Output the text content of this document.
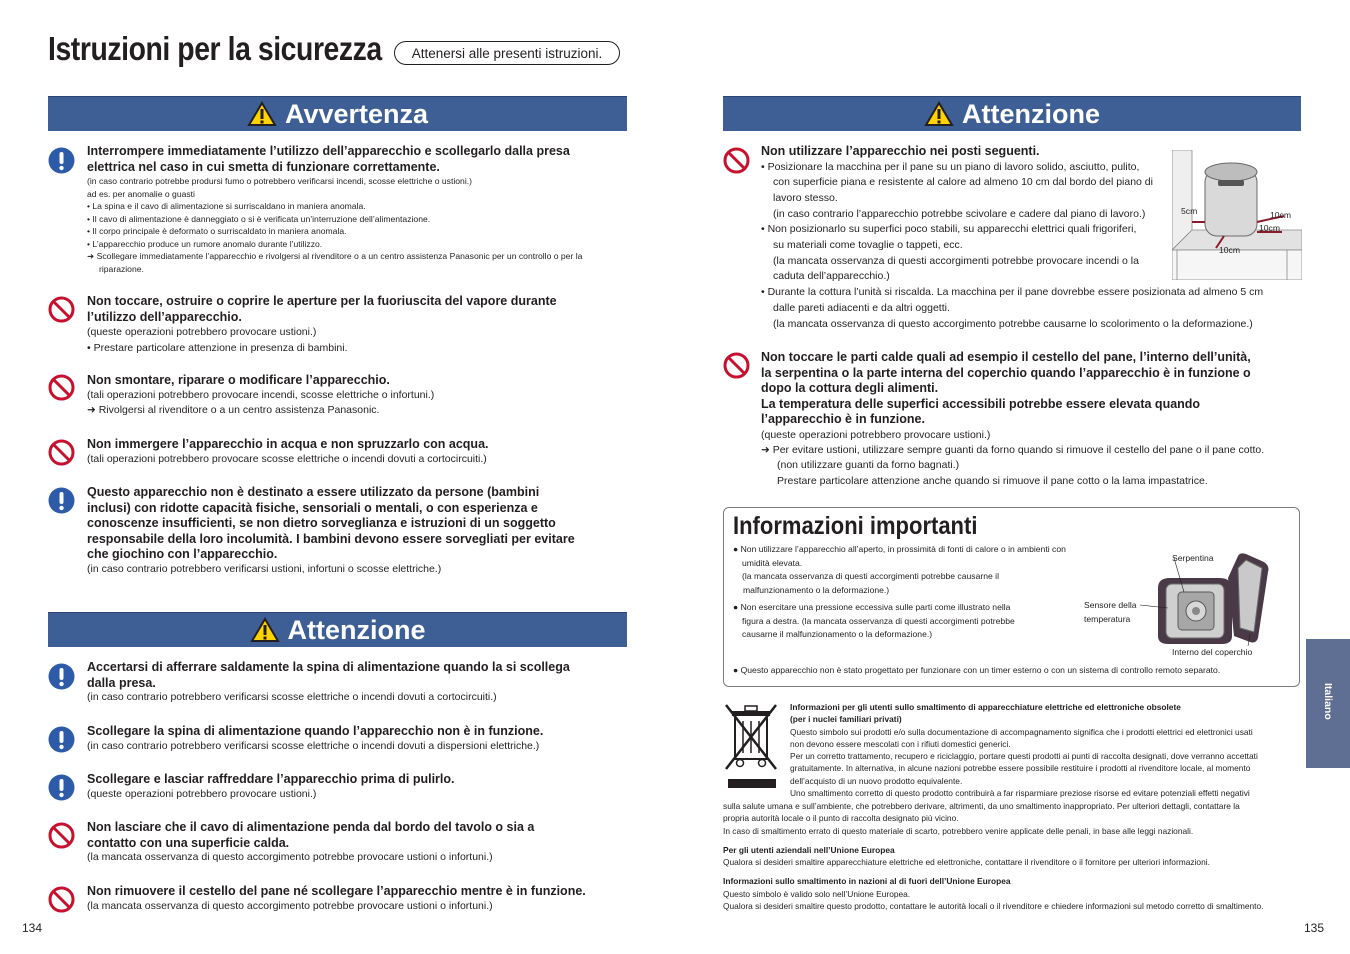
Istruzioni per la sicurezza	Attenersi alle presenti istruzioni.
Avvertenza
Interrompere immediatamente l’utilizzo dell’apparecchio e scollegarlo dalla presa
elettrica nel caso in cui smetta di funzionare correttamente.
(in caso contrario potrebbe prodursi fumo o potrebbero verificarsi incendi, scosse elettriche o ustioni.)
ad es. per anomalie o guasti
• La spina e il cavo di alimentazione si surriscaldano in maniera anomala.
• Il cavo di alimentazione è danneggiato o si è verificata un’interruzione dell’alimentazione.
• Il corpo principale è deformato o surriscaldato in maniera anomala.
• L’apparecchio produce un rumore anomalo durante l’utilizzo.
➜ Scollegare immediatamente l’apparecchio e rivolgersi al rivenditore o a un centro assistenza Panasonic per un controllo o per la
riparazione.
Non toccare, ostruire o coprire le aperture per la fuoriuscita del vapore durante
l’utilizzo dell’apparecchio.
(queste operazioni potrebbero provocare ustioni.)
• Prestare particolare attenzione in presenza di bambini.
Non smontare, riparare o modificare l’apparecchio.
(tali operazioni potrebbero provocare incendi, scosse elettriche o infortuni.)
➜ Rivolgersi al rivenditore o a un centro assistenza Panasonic.
Non immergere l’apparecchio in acqua e non spruzzarlo con acqua.
(tali operazioni potrebbero provocare scosse elettriche o incendi dovuti a cortocircuiti.)
Questo apparecchio non è destinato a essere utilizzato da persone (bambini
inclusi) con ridotte capacità fisiche, sensoriali o mentali, o con esperienza e
conoscenze insufficienti, se non dietro sorveglianza e istruzioni di un soggetto
responsabile della loro incolumità. I bambini devono essere sorvegliati per evitare
che giochino con l’apparecchio.
(in caso contrario potrebbero verificarsi ustioni, infortuni o scosse elettriche.)
Attenzione
Accertarsi di afferrare saldamente la spina di alimentazione quando la si scollega
dalla presa.
(in caso contrario potrebbero verificarsi scosse elettriche o incendi dovuti a cortocircuiti.)
Scollegare la spina di alimentazione quando l’apparecchio non è in funzione.
(in caso contrario potrebbero verificarsi scosse elettriche o incendi dovuti a dispersioni elettriche.)
Scollegare e lasciar raffreddare l’apparecchio prima di pulirlo.
(queste operazioni potrebbero provocare ustioni.)
Non lasciare che il cavo di alimentazione penda dal bordo del tavolo o sia a
contatto con una superficie calda.
(la mancata osservanza di questo accorgimento potrebbe provocare ustioni o infortuni.)
Non rimuovere il cestello del pane né scollegare l’apparecchio mentre è in funzione.
(la mancata osservanza di questo accorgimento potrebbe provocare ustioni o infortuni.)
134
Attenzione
Non utilizzare l’apparecchio nei posti seguenti.
• Posizionare la macchina per il pane su un piano di lavoro solido, asciutto, pulito,
con superficie piana e resistente al calore ad almeno 10 cm dal bordo del piano di
lavoro stesso.
(in caso contrario l’apparecchio potrebbe scivolare e cadere dal piano di lavoro.)
• Non posizionarlo su superfici poco stabili, su apparecchi elettrici quali frigoriferi,
su materiali come tovaglie o tappeti, ecc.
(la mancata osservanza di questi accorgimenti potrebbe provocare incendi o la
caduta dell’apparecchio.)
• Durante la cottura l’unità si riscalda. La macchina per il pane dovrebbe essere posizionata ad almeno 5 cm
dalle pareti adiacenti e da altri oggetti.
(la mancata osservanza di questo accorgimento potrebbe causarne lo scolorimento o la deformazione.)
5cm	10cm
10cm
10cm
Non toccare le parti calde quali ad esempio il cestello del pane, l’interno dell’unità,
la serpentina o la parte interna del coperchio quando l’apparecchio è in funzione o
dopo la cottura degli alimenti.
La temperatura delle superfici accessibili potrebbe essere elevata quando
l’apparecchio è in funzione.
(queste operazioni potrebbero provocare ustioni.)
➜ Per evitare ustioni, utilizzare sempre guanti da forno quando si rimuove il cestello del pane o il pane cotto.
(non utilizzare guanti da forno bagnati.)
Prestare particolare attenzione anche quando si rimuove il pane cotto o la lama impastatrice.
Informazioni importanti
● Non utilizzare l’apparecchio all’aperto, in prossimità di fonti di calore o in ambienti con
umidità elevata.
(la mancata osservanza di questi accorgimenti potrebbe causarne il
malfunzionamento o la deformazione.)
● Non esercitare una pressione eccessiva sulle parti come illustrato nella
figura a destra. (la mancata osservanza di questi accorgimenti potrebbe
causarne il malfunzionamento o la deformazione.)
● Questo apparecchio non è stato progettato per funzionare con un timer esterno o con un sistema di controllo remoto separato.
Serpentina
Sensore della
temperatura
Interno del coperchio
Informazioni per gli utenti sullo smaltimento di apparecchiature elettriche ed elettroniche obsolete
(per i nuclei familiari privati)
Questo simbolo sui prodotti e/o sulla documentazione di accompagnamento significa che i prodotti elettrici ed elettronici usati
non devono essere mescolati con i rifiuti domestici generici.
Per un corretto trattamento, recupero e riciclaggio, portare questi prodotti ai punti di raccolta designati, dove verranno accettati
gratuitamente. In alternativa, in alcune nazioni potrebbe essere possibile restituire i prodotti al rivenditore locale, al momento
dell’acquisto di un nuovo prodotto equivalente.
Uno smaltimento corretto di questo prodotto contribuirà a far risparmiare preziose risorse ed evitare potenziali effetti negativi
sulla salute umana e sull’ambiente, che potrebbero derivare, altrimenti, da uno smaltimento inappropriato. Per ulteriori dettagli, contattare la
propria autorità locale o il punto di raccolta designato più vicino.
In caso di smaltimento errato di questo materiale di scarto, potrebbero venire applicate delle penali, in base alle leggi nazionali.
Per gli utenti aziendali nell’Unione Europea
Qualora si desideri smaltire apparecchiature elettriche ed elettroniche, contattare il rivenditore o il fornitore per ulteriori informazioni.
Informazioni sullo smaltimento in nazioni al di fuori dell’Unione Europea
Questo simbolo è valido solo nell’Unione Europea.
Qualora si desideri smaltire questo prodotto, contattare le autorità locali o il rivenditore e chiedere informazioni sul metodo corretto di smaltimento.
Italiano
135
